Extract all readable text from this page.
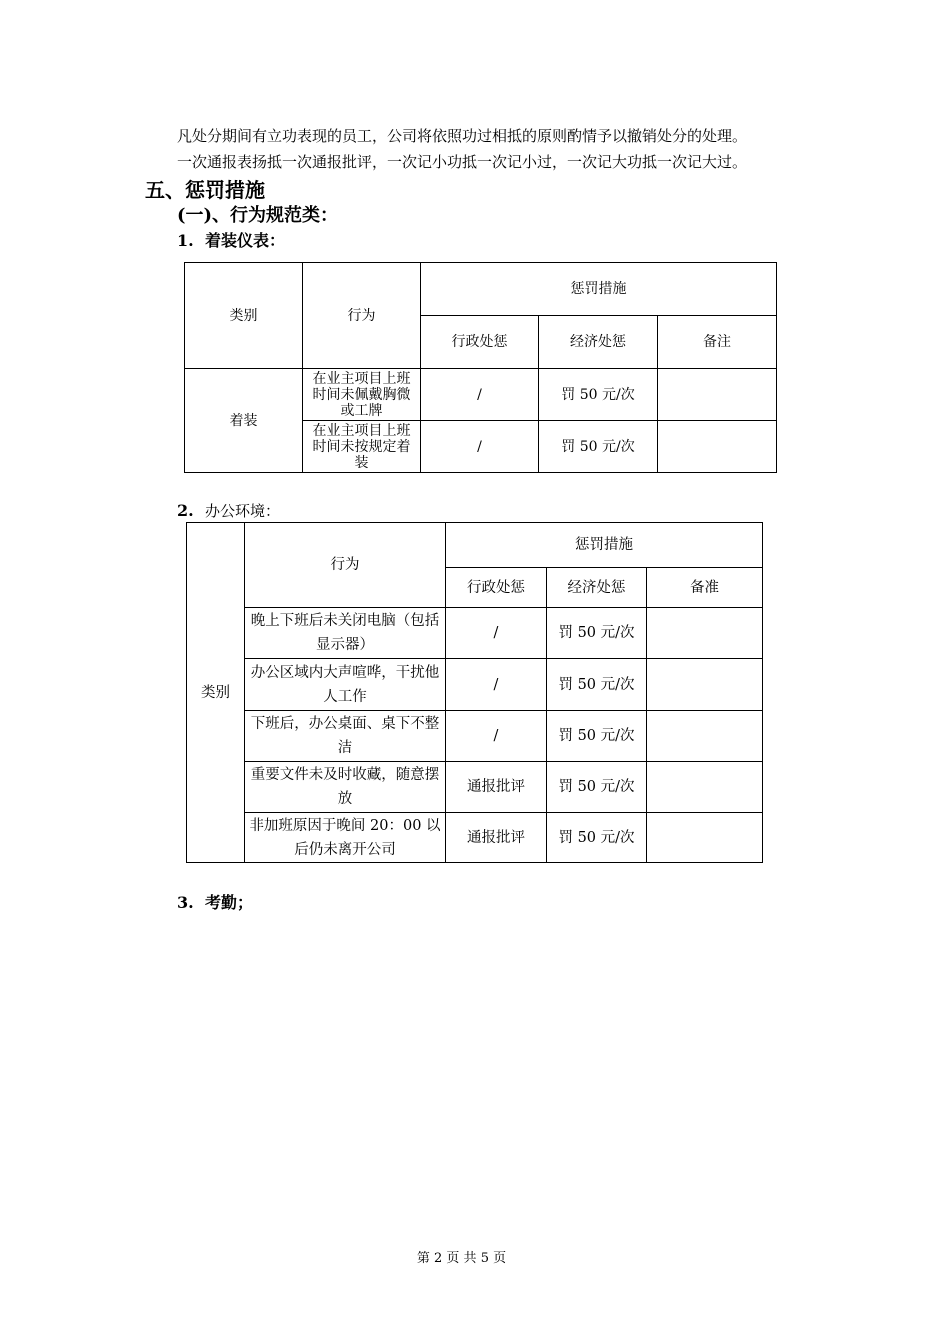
凡处分期间有立功表现的员工，公司将依照功过相抵的原则酌情予以撤销处分的处理。
一次通报表扬抵一次通报批评，一次记小功抵一次记小过，一次记大功抵一次记大过。
五、惩罚措施
(一)、行为规范类：
1. 着装仪表：
类别	行为	惩罚措施		
		行政处惩	经济处惩	备注
着装	在业主项目上班时间未佩戴胸微或工牌	/	罚 50 元/次	
	在业主项目上班时间未按规定着装	/	罚 50 元/次	
2. 办公环境：
类别	行为	惩罚措施		
		行政处惩	经济处惩	备准
	晚上下班后未关闭电脑（包括显示器）	/	罚 50 元/次	
	办公区域内大声喧哗，干扰他人工作	/	罚 50 元/次	
	下班后，办公桌面、桌下不整洁	/	罚 50 元/次	
	重要文件未及时收藏，随意摆放	通报批评	罚 50 元/次	
	非加班原因于晚间 20：00 以后仍未离开公司	通报批评	罚 50 元/次	
3. 考勤；
第 2 页 共 5 页
